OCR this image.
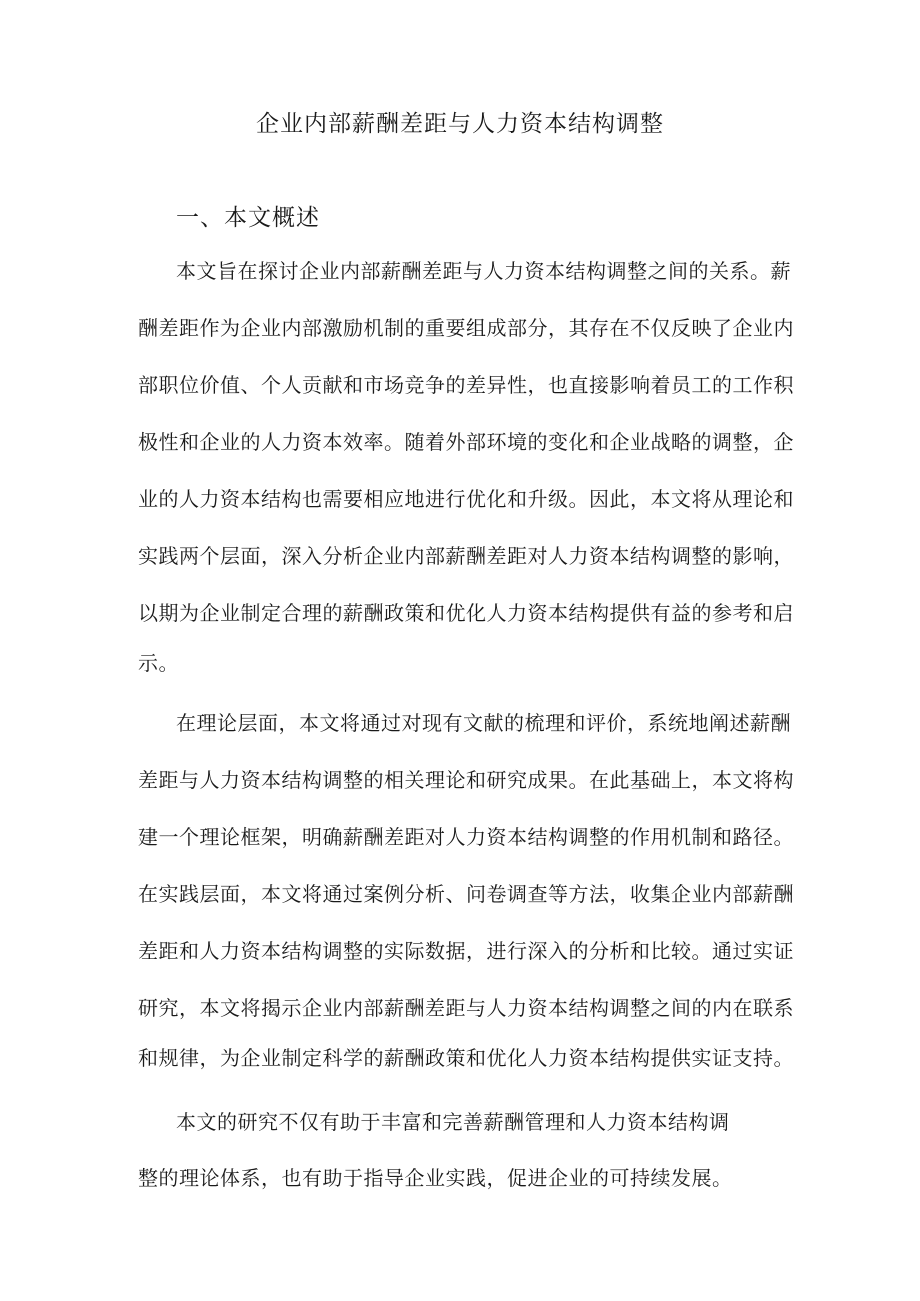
企业内部薪酬差距与人力资本结构调整
一、本文概述
本文旨在探讨企业内部薪酬差距与人力资本结构调整之间的关系。薪
酬差距作为企业内部激励机制的重要组成部分，其存在不仅反映了企业内
部职位价值、个人贡献和市场竞争的差异性，也直接影响着员工的工作积
极性和企业的人力资本效率。随着外部环境的变化和企业战略的调整，企
业的人力资本结构也需要相应地进行优化和升级。因此，本文将从理论和
实践两个层面，深入分析企业内部薪酬差距对人力资本结构调整的影响，
以期为企业制定合理的薪酬政策和优化人力资本结构提供有益的参考和启
示。
在理论层面，本文将通过对现有文献的梳理和评价，系统地阐述薪酬
差距与人力资本结构调整的相关理论和研究成果。在此基础上，本文将构
建一个理论框架，明确薪酬差距对人力资本结构调整的作用机制和路径。
在实践层面，本文将通过案例分析、问卷调查等方法，收集企业内部薪酬
差距和人力资本结构调整的实际数据，进行深入的分析和比较。通过实证
研究，本文将揭示企业内部薪酬差距与人力资本结构调整之间的内在联系
和规律，为企业制定科学的薪酬政策和优化人力资本结构提供实证支持。
本文的研究不仅有助于丰富和完善薪酬管理和人力资本结构调
整的理论体系，也有助于指导企业实践，促进企业的可持续发展。
